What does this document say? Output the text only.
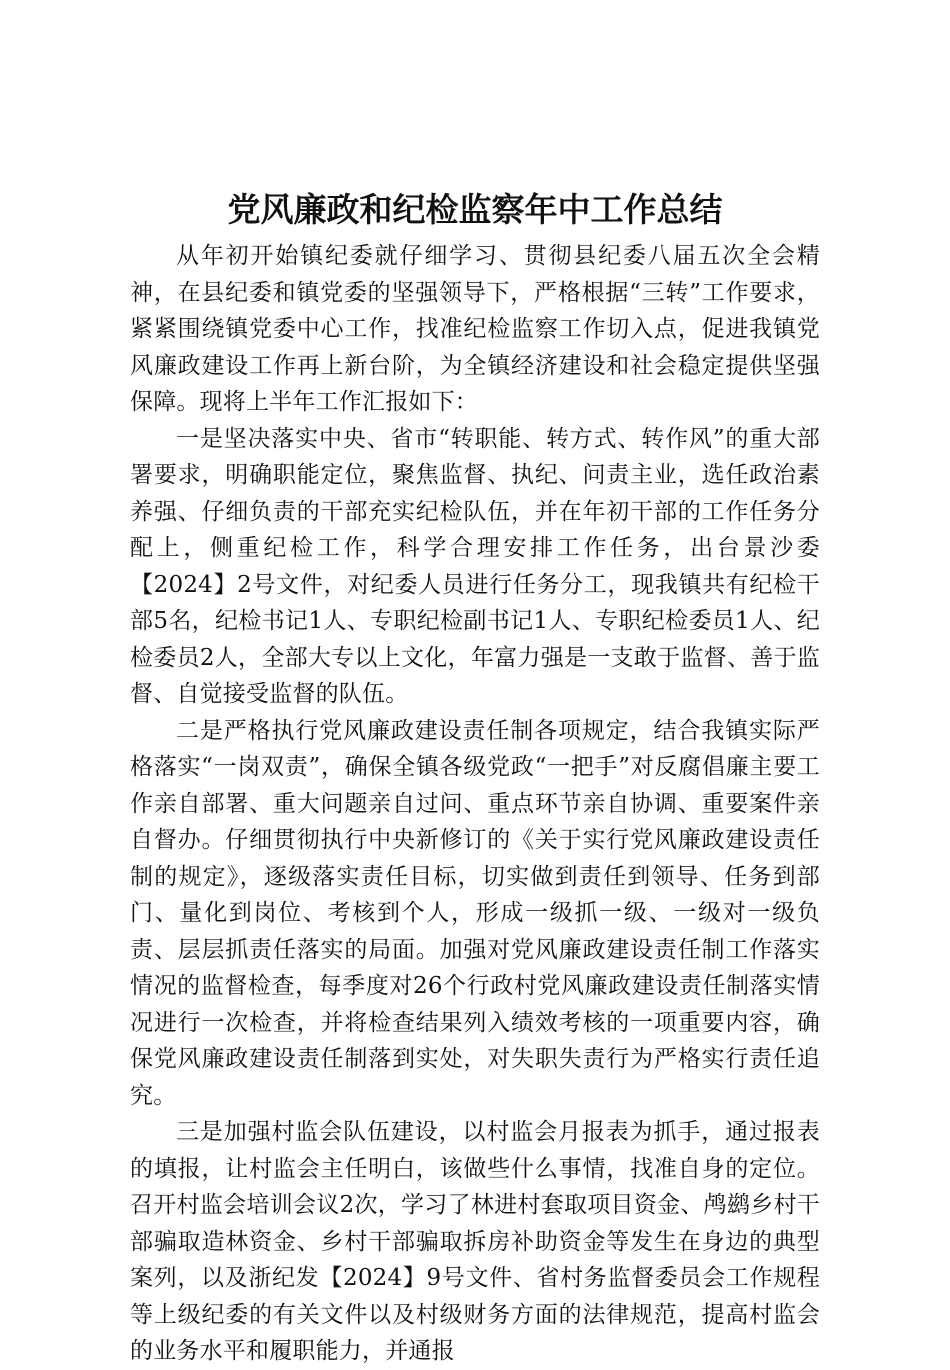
党风廉政和纪检监察年中工作总结

从年初开始镇纪委就仔细学习、贯彻县纪委八届五次全会精神，在县纪委和镇党委的坚强领导下，严格根据“三转”工作要求，紧紧围绕镇党委中心工作，找准纪检监察工作切入点，促进我镇党风廉政建设工作再上新台阶，为全镇经济建设和社会稳定提供坚强保障。现将上半年工作汇报如下：

一是坚决落实中央、省市“转职能、转方式、转作风”的重大部署要求，明确职能定位，聚焦监督、执纪、问责主业，选任政治素养强、仔细负责的干部充实纪检队伍，并在年初干部的工作任务分配上，侧重纪检工作，科学合理安排工作任务，出台景沙委【2024】2号文件，对纪委人员进行任务分工，现我镇共有纪检干部5名，纪检书记1人、专职纪检副书记1人、专职纪检委员1人、纪检委员2人，全部大专以上文化，年富力强是一支敢于监督、善于监督、自觉接受监督的队伍。

二是严格执行党风廉政建设责任制各项规定，结合我镇实际严格落实“一岗双责”，确保全镇各级党政“一把手”对反腐倡廉主要工作亲自部署、重大问题亲自过问、重点环节亲自协调、重要案件亲自督办。仔细贯彻执行中央新修订的《关于实行党风廉政建设责任制的规定》，逐级落实责任目标，切实做到责任到领导、任务到部门、量化到岗位、考核到个人，形成一级抓一级、一级对一级负责、层层抓责任落实的局面。加强对党风廉政建设责任制工作落实情况的监督检查，每季度对26个行政村党风廉政建设责任制落实情况进行一次检查，并将检查结果列入绩效考核的一项重要内容，确保党风廉政建设责任制落到实处，对失职失责行为严格实行责任追究。

三是加强村监会队伍建设，以村监会月报表为抓手，通过报表的填报，让村监会主任明白，该做些什么事情，找准自身的定位。召开村监会培训会议2次，学习了林进村套取项目资金、鸬鹚乡村干部骗取造林资金、乡村干部骗取拆房补助资金等发生在身边的典型案列，以及浙纪发【2024】9号文件、省村务监督委员会工作规程等上级纪委的有关文件以及村级财务方面的法律规范，提高村监会的业务水平和履职能力，并通报
